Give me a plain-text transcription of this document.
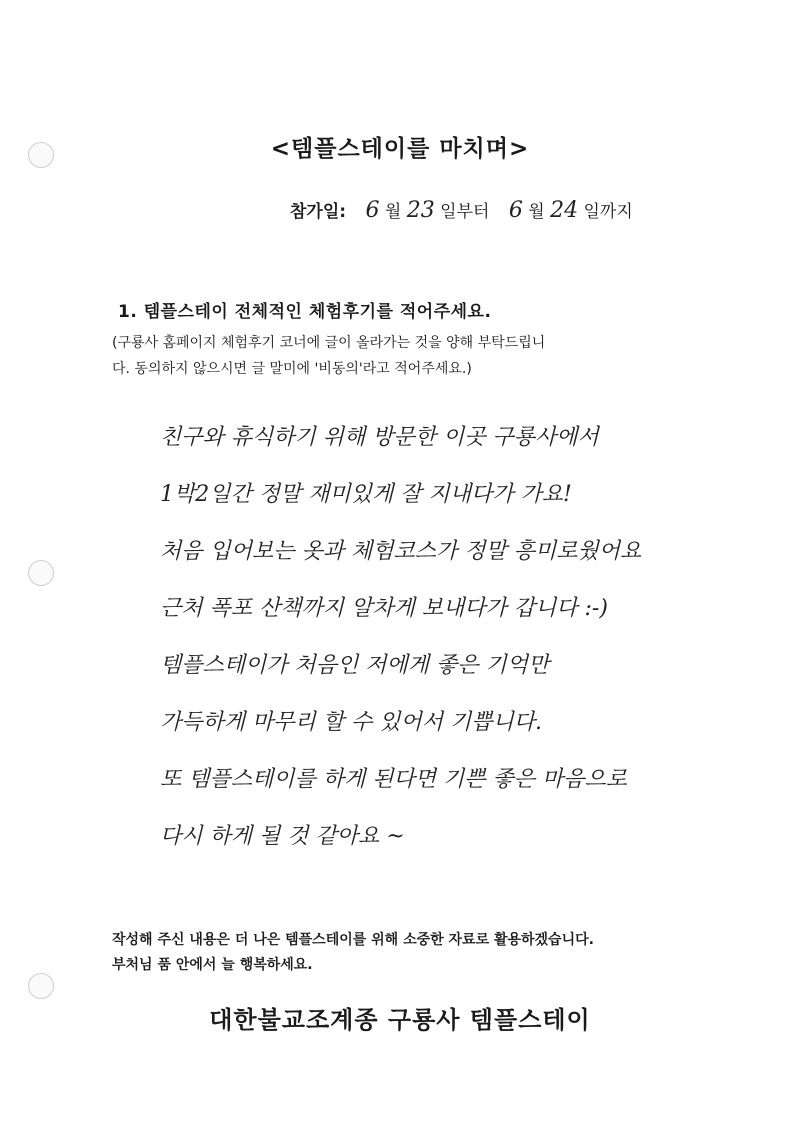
<템플스테이를 마치며>
참가일: 6 월 23 일부터 6 월 24 일까지
1. 템플스테이 전체적인 체험후기를 적어주세요.
(구룡사 홈페이지 체험후기 코너에 글이 올라가는 것을 양해 부탁드립니
다. 동의하지 않으시면 글 말미에 '비동의'라고 적어주세요.)
친구와 휴식하기 위해 방문한 이곳 구룡사에서
1박2일간 정말 재미있게 잘 지내다가 가요!
처음 입어보는 옷과 체험코스가 정말 흥미로웠어요
근처 폭포 산책까지 알차게 보내다가 갑니다 :-)
템플스테이가 처음인 저에게 좋은 기억만
가득하게 마무리 할 수 있어서 기쁩니다.
또 템플스테이를 하게 된다면 기쁜 좋은 마음으로
다시 하게 될 것 같아요 ~
작성해 주신 내용은 더 나은 템플스테이를 위해 소중한 자료로 활용하겠습니다.
부처님 품 안에서 늘 행복하세요.
대한불교조계종 구룡사 템플스테이
